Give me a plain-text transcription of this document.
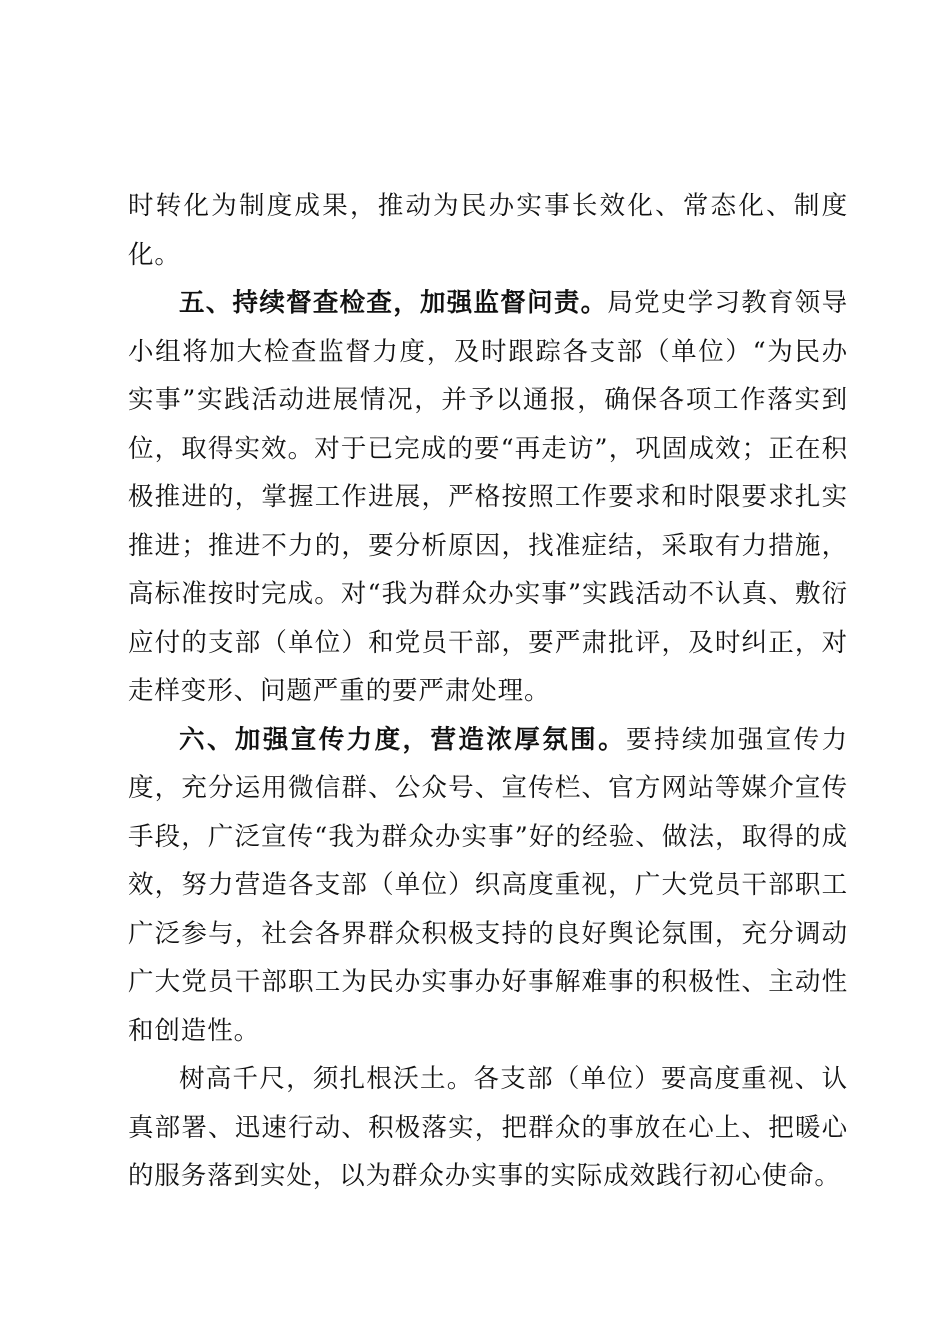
时转化为制度成果，推动为民办实事长效化、常态化、制度化。

五、持续督查检查，加强监督问责。局党史学习教育领导小组将加大检查监督力度，及时跟踪各支部（单位）“为民办实事”实践活动进展情况，并予以通报，确保各项工作落实到位，取得实效。对于已完成的要“再走访”，巩固成效；正在积极推进的，掌握工作进展，严格按照工作要求和时限要求扎实推进；推进不力的，要分析原因，找准症结，采取有力措施，高标准按时完成。对“我为群众办实事”实践活动不认真、敷衍应付的支部（单位）和党员干部，要严肃批评，及时纠正，对走样变形、问题严重的要严肃处理。

六、加强宣传力度，营造浓厚氛围。要持续加强宣传力度，充分运用微信群、公众号、宣传栏、官方网站等媒介宣传手段，广泛宣传“我为群众办实事”好的经验、做法，取得的成效，努力营造各支部（单位）织高度重视，广大党员干部职工广泛参与，社会各界群众积极支持的良好舆论氛围，充分调动广大党员干部职工为民办实事办好事解难事的积极性、主动性和创造性。

树高千尺，须扎根沃土。各支部（单位）要高度重视、认真部署、迅速行动、积极落实，把群众的事放在心上、把暖心的服务落到实处，以为群众办实事的实际成效践行初心使命。
